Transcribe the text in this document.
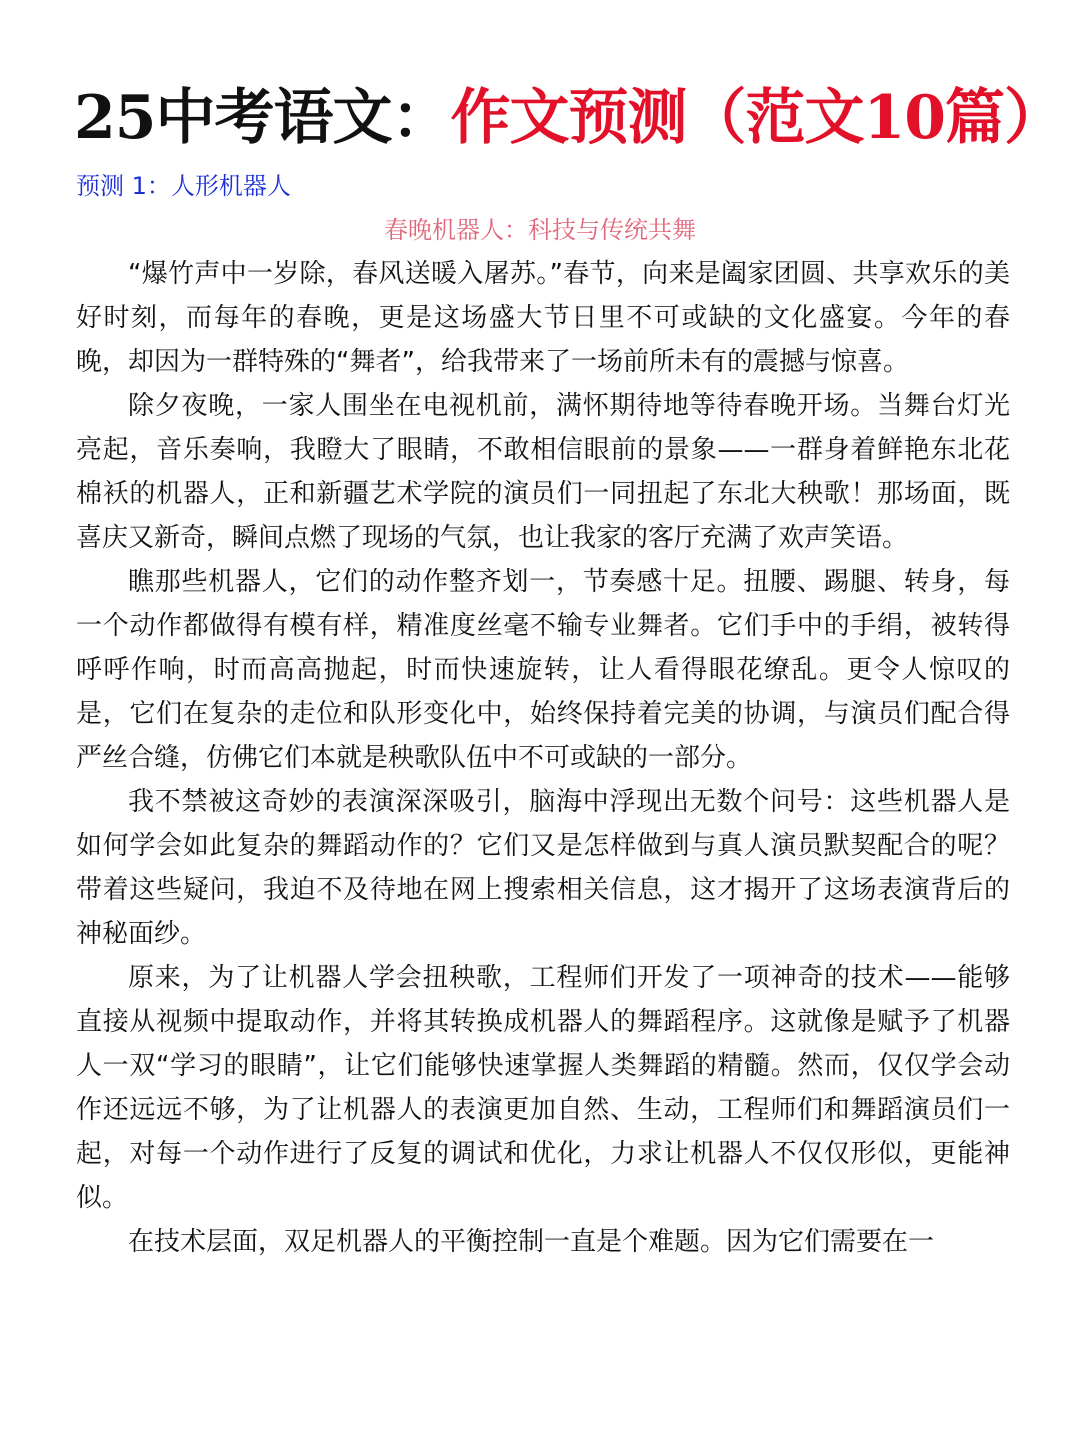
25中考语文：作文预测（范文10篇）
预测 1：人形机器人
春晚机器人：科技与传统共舞

“爆竹声中一岁除，春风送暖入屠苏。”春节，向来是阖家团圆、共享欢乐的美好时刻，而每年的春晚，更是这场盛大节日里不可或缺的文化盛宴。今年的春晚，却因为一群特殊的“舞者”，给我带来了一场前所未有的震撼与惊喜。

除夕夜晚，一家人围坐在电视机前，满怀期待地等待春晚开场。当舞台灯光亮起，音乐奏响，我瞪大了眼睛，不敢相信眼前的景象——一群身着鲜艳东北花棉袄的机器人，正和新疆艺术学院的演员们一同扭起了东北大秧歌！那场面，既喜庆又新奇，瞬间点燃了现场的气氛，也让我家的客厅充满了欢声笑语。

瞧那些机器人，它们的动作整齐划一，节奏感十足。扭腰、踢腿、转身，每一个动作都做得有模有样，精准度丝毫不输专业舞者。它们手中的手绢，被转得呼呼作响，时而高高抛起，时而快速旋转，让人看得眼花缭乱。更令人惊叹的是，它们在复杂的走位和队形变化中，始终保持着完美的协调，与演员们配合得严丝合缝，仿佛它们本就是秧歌队伍中不可或缺的一部分。

我不禁被这奇妙的表演深深吸引，脑海中浮现出无数个问号：这些机器人是如何学会如此复杂的舞蹈动作的？它们又是怎样做到与真人演员默契配合的呢？带着这些疑问，我迫不及待地在网上搜索相关信息，这才揭开了这场表演背后的神秘面纱。

原来，为了让机器人学会扭秧歌，工程师们开发了一项神奇的技术——能够直接从视频中提取动作，并将其转换成机器人的舞蹈程序。这就像是赋予了机器人一双“学习的眼睛”，让它们能够快速掌握人类舞蹈的精髓。然而，仅仅学会动作还远远不够，为了让机器人的表演更加自然、生动，工程师们和舞蹈演员们一起，对每一个动作进行了反复的调试和优化，力求让机器人不仅仅形似，更能神似。

在技术层面，双足机器人的平衡控制一直是个难题。因为它们需要在一
